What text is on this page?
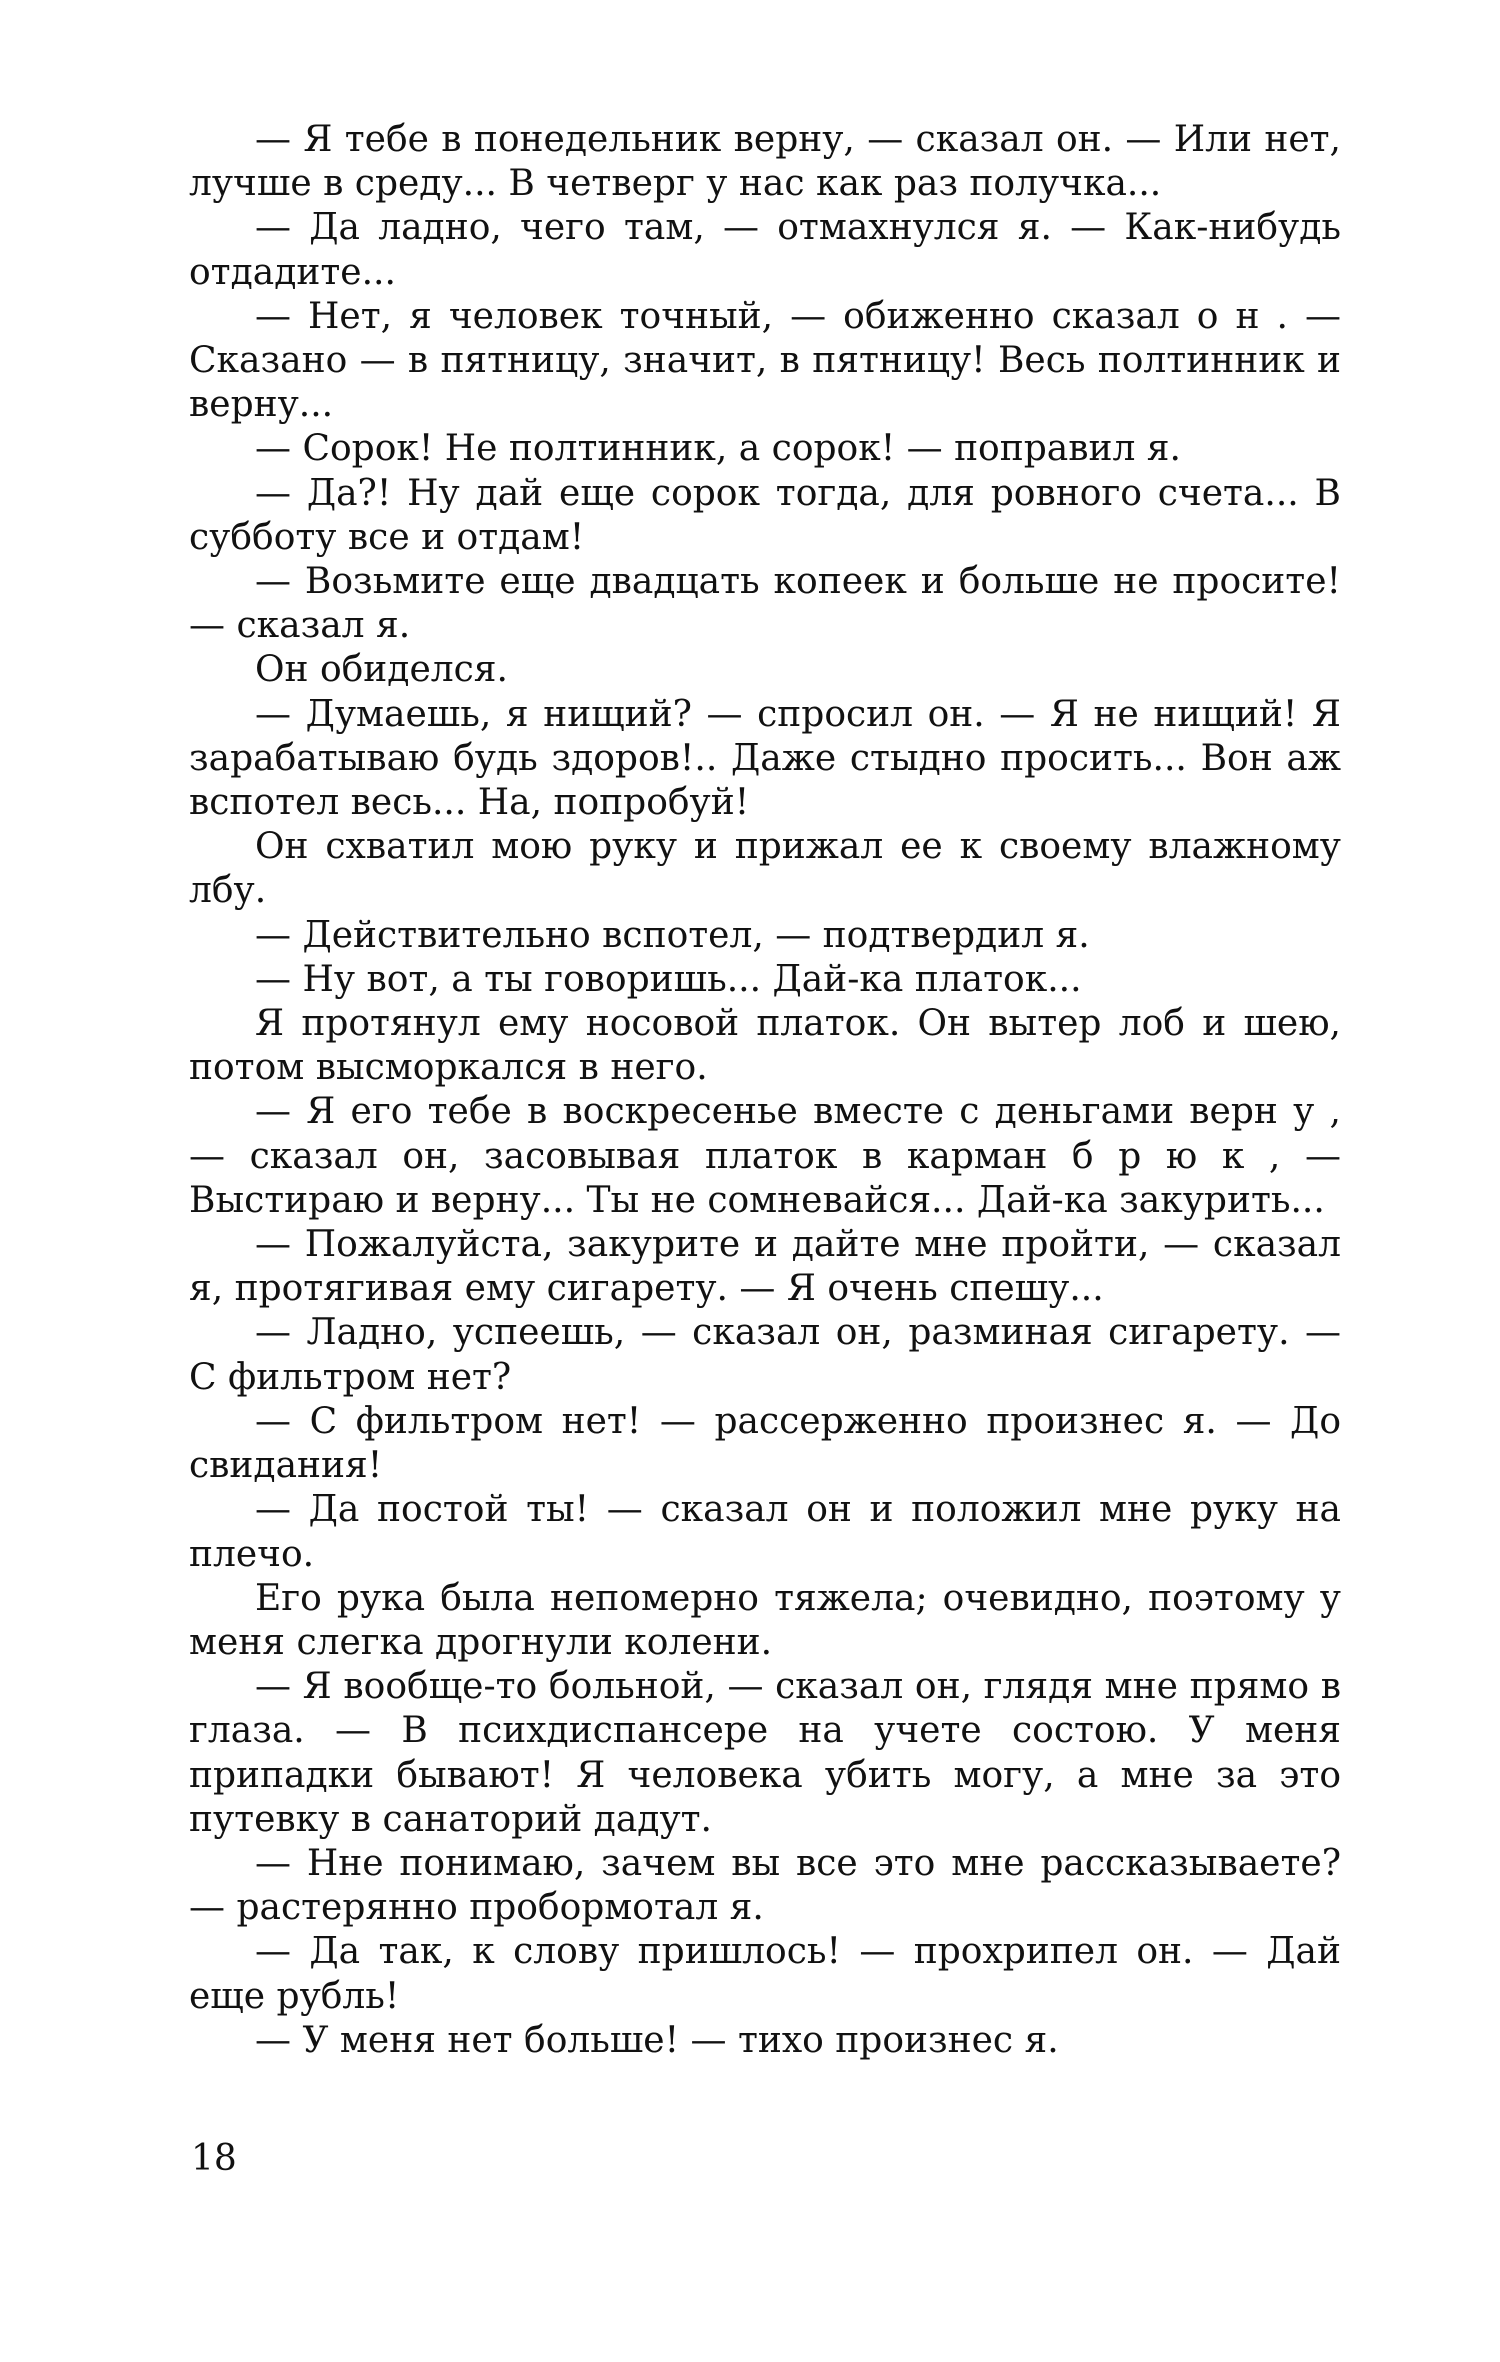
— Я тебе в понедельник верну, — сказал он. — Или нет, лучше в среду... В четверг у нас как раз получка...

— Да ладно, чего там, — отмахнулся я. — Как-нибудь отдадите...

— Нет, я человек точный, — обиженно сказал о н . — Сказано — в пятницу, значит, в пятницу! Весь полтинник и верну...

— Сорок! Не полтинник, а сорок! — поправил я.

— Да?! Ну дай еще сорок тогда, для ровного счета... В субботу все и отдам!

— Возьмите еще двадцать копеек и больше не просите! — сказал я.

Он обиделся.

— Думаешь, я нищий? — спросил он. — Я не нищий! Я зарабатываю будь здоров!.. Даже стыдно просить... Вон аж вспотел весь... На, попробуй!

Он схватил мою руку и прижал ее к своему влажному лбу.

— Действительно вспотел, — подтвердил я.

— Ну вот, а ты говоришь... Дай-ка платок...

Я протянул ему носовой платок. Он вытер лоб и шею, потом высморкался в него.

— Я его тебе в воскресенье вместе с деньгами верн у , — сказал он, засовывая платок в карман б р ю к , — Выстираю и верну... Ты не сомневайся... Дай-ка закурить...

— Пожалуйста, закурите и дайте мне пройти, — сказал я, протягивая ему сигарету. — Я очень спешу...

— Ладно, успеешь, — сказал он, разминая сигарету. — С фильтром нет?

— С фильтром нет! — рассерженно произнес я. — До свидания!

— Да постой ты! — сказал он и положил мне руку на плечо.

Его рука была непомерно тяжела; очевидно, поэтому у меня слегка дрогнули колени.

— Я вообще-то больной, — сказал он, глядя мне прямо в глаза. — В психдиспансере на учете состою. У меня припадки бывают! Я человека убить могу, а мне за это путевку в санаторий дадут.

— Нне понимаю, зачем вы все это мне рассказываете? — растерянно пробормотал я.

— Да так, к слову пришлось! — прохрипел он. — Дай еще рубль!

— У меня нет больше! — тихо произнес я.

18
